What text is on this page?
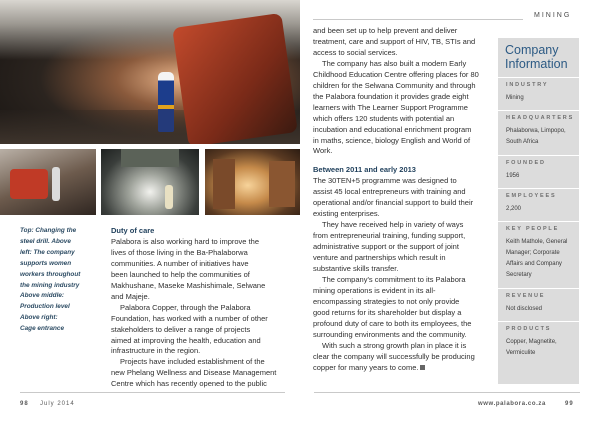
Top: Changing the
steel drill. Above
left: The company
supports women
workers throughout
the mining industry
Above middle:
Production level
Above right:
Cage entrance
Duty of care
Palabora is also working hard to improve the
lives of those living in the Ba-Phalaborwa
communities. A number of initiatives have
been launched to help the communities of
Makhushane, Maseke Mashishimale, Selwane
and Majeje.
Palabora Copper, through the Palabora
Foundation, has worked with a number of other
stakeholders to deliver a range of projects
aimed at improving the health, education and
infrastructure in the region.
Projects have included establishment of the
new Phelang Wellness and Disease Management
Centre which has recently opened to the public
MINING
and been set up to help prevent and deliver
treatment, care and support of HIV, TB, STIs and
access to social services.
The company has also built a modern Early
Childhood Education Centre offering places for 80
children for the Selwana Community and through
the Palabora foundation it provides grade eight
learners with The Learner Support Programme
which offers 120 students with potential an
incubation and educational enrichment program
in maths, science, biology English and World of
Work.
Between 2011 and early 2013
The 30TEN+5 programme was designed to
assist 45 local entrepreneurs with training and
operational and/or financial support to build their
existing enterprises.
They have received help in variety of ways
from entrepreneurial training, funding support,
administrative support or the support of joint
venture and partnerships which result in
substantive skills transfer.
The company's commitment to its Palabora
mining operations is evident in its all-
encompassing strategies to not only provide
good returns for its shareholder but display a
profound duty of care to both its employees, the
surrounding environments and the community.
With such a strong growth plan in place it is
clear the company will successfully be producing
copper for many years to come.
Company
Information
INDUSTRY
Mining
HEADQUARTERS
Phalaborwa, Limpopo,
South Africa
FOUNDED
1956
EMPLOYEES
2,200
KEY PEOPLE
Keith Mathole, General
Manager; Corporate
Affairs and Company
Secretary
REVENUE
Not disclosed
PRODUCTS
Copper, Magnetite,
Vermiculite
98 July 2014	www.palabora.co.za	99
